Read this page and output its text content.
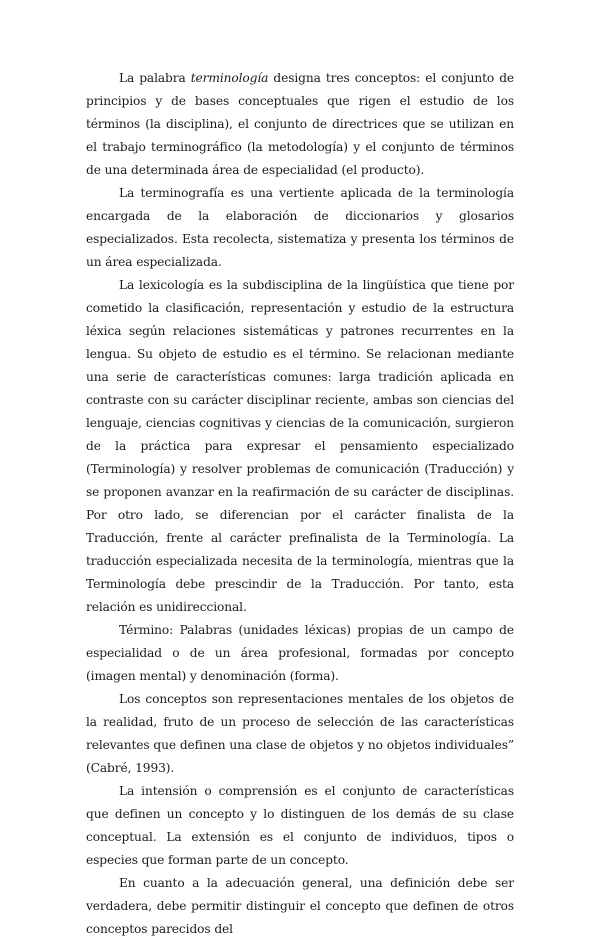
La palabra terminología designa tres conceptos: el conjunto de principios y de bases conceptuales que rigen el estudio de los términos (la disciplina), el conjunto de directrices que se utilizan en el trabajo terminográfico (la metodología) y el conjunto de términos de una determinada área de especialidad (el producto).

La terminografía es una vertiente aplicada de la terminología encargada de la elaboración de diccionarios y glosarios especializados. Esta recolecta, sistematiza y presenta los términos de un área especializada.

La lexicología es la subdisciplina de la lingüística que tiene por cometido la clasificación, representación y estudio de la estructura léxica según relaciones sistemáticas y patrones recurrentes en la lengua. Su objeto de estudio es el término. Se relacionan mediante una serie de características comunes: larga tradición aplicada en contraste con su carácter disciplinar reciente, ambas son ciencias del lenguaje, ciencias cognitivas y ciencias de la comunicación, surgieron de la práctica para expresar el pensamiento especializado (Terminología) y resolver problemas de comunicación (Traducción) y se proponen avanzar en la reafirmación de su carácter de disciplinas. Por otro lado, se diferencian por el carácter finalista de la Traducción, frente al carácter prefinalista de la Terminología. La traducción especializada necesita de la terminología, mientras que la Terminología debe prescindir de la Traducción. Por tanto, esta relación es unidireccional.

Término: Palabras (unidades léxicas) propias de un campo de especialidad o de un área profesional, formadas por concepto (imagen mental) y denominación (forma).

Los conceptos son representaciones mentales de los objetos de la realidad, fruto de un proceso de selección de las características relevantes que definen una clase de objetos y no objetos individuales” (Cabré, 1993).

La intensión o comprensión es el conjunto de características que definen un concepto y lo distinguen de los demás de su clase conceptual. La extensión es el conjunto de individuos, tipos o especies que forman parte de un concepto.

En cuanto a la adecuación general, una definición debe ser verdadera, debe permitir distinguir el concepto que definen de otros conceptos parecidos del
